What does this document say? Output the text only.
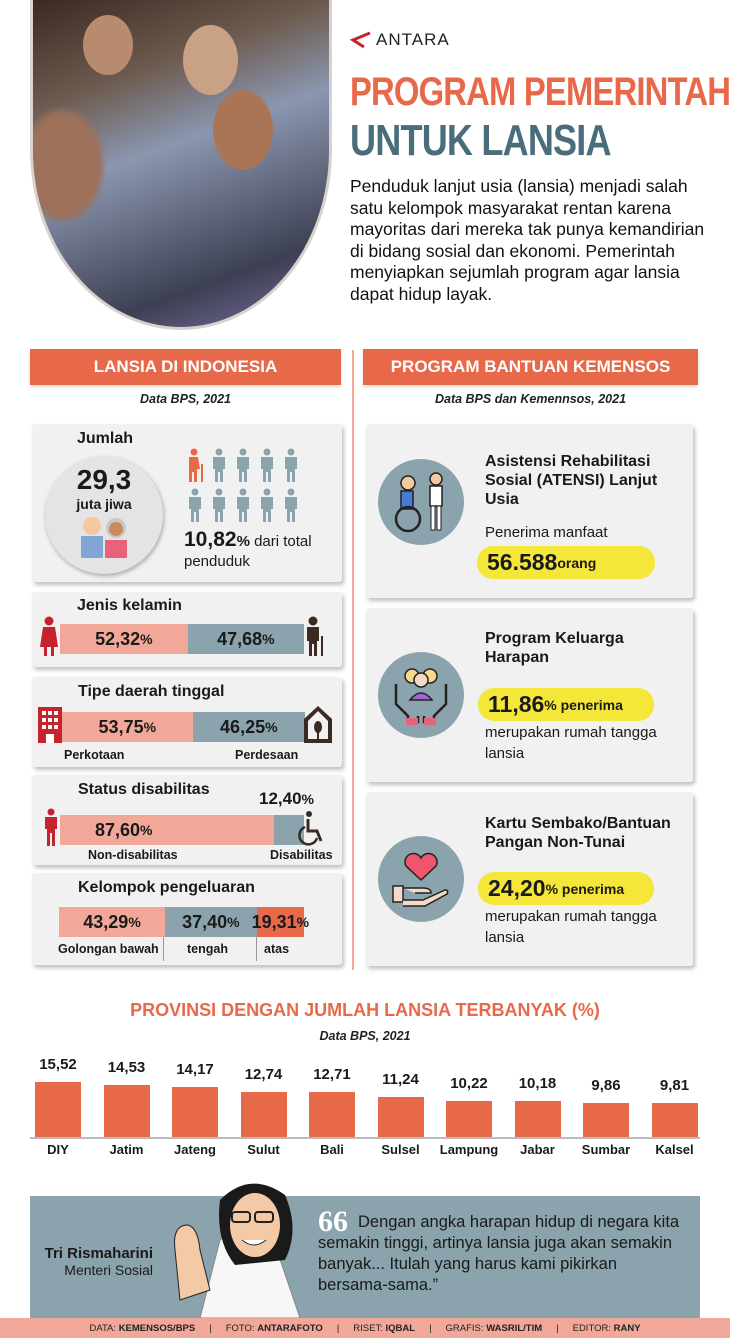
ANTARA
PROGRAM PEMERINTAH
UNTUK LANSIA
Penduduk lanjut usia (lansia) menjadi salah satu kelompok masyarakat rentan karena mayoritas dari mereka tak punya kemandirian di bidang sosial dan ekonomi. Pemerintah menyiapkan sejumlah program agar lansia dapat hidup layak.
LANSIA DI INDONESIA
Data BPS, 2021
PROGRAM BANTUAN KEMENSOS
Data BPS dan Kemennsos, 2021
Jumlah
29,3
juta jiwa
10,82% dari total
penduduk
Jenis kelamin
52,32 %	47,68 %
Tipe daerah tinggal
53,75 %	46,25 %
Perkotaan	Perdesaan
Status disabilitas	12,40%
87,60 %
Non-disabilitas	Disabilitas
Kelompok pengeluaran
43,29 % 37,40 % 19,31 %
Golongan bawah tengah	atas
Asistensi Rehabilitasi Sosial (ATENSI) Lanjut Usia
Penerima manfaat
56.588 orang
Program Keluarga Harapan
11,86 % penerima
merupakan rumah tangga lansia
Kartu Sembako/Bantuan Pangan Non-Tunai
24,20 % penerima
merupakan rumah tangga lansia
PROVINSI DENGAN JUMLAH LANSIA TERBANYAK (%)
Data BPS, 2021
15,52
DIY
14,53
Jatim
14,17
Jateng
12,74
Sulut
12,71
Bali
11,24
Sulsel
10,22
Lampung
10,18
Jabar
9,86
Sumbar
9,81
Kalsel
Tri Rismaharini
Menteri Sosial
66 Dengan angka harapan hidup di negara kita semakin tinggi, artinya lansia juga akan semakin banyak... Itulah yang harus kami pikirkan bersama-sama.”
DATA: KEMENSOS/BPS | FOTO: ANTARAFOTO | RISET: IQBAL | GRAFIS: WASRIL/TIM | EDITOR: RANY
